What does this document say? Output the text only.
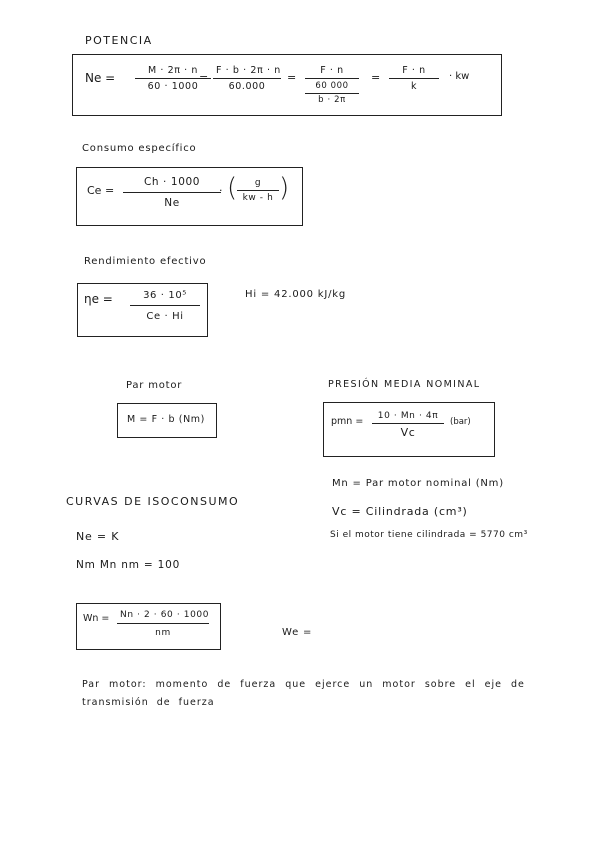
POTENCIA
$Ne = \frac{M \cdot 2\pi \cdot n}{60 \cdot 1000}$
= $\frac{F \cdot b \cdot 2\pi \cdot n}{60.000} = F \cdot n$
60 000
$b \cdot 2\pi = \frac{F \cdot n}{k}$ · kw
Consumo específico
$Ce = \frac{Ch \cdot 1000}{Ne}$
· ( $\frac{g}{kw - h}$ )
Rendimiento efectivo
$\eta e = \frac{\text{36 · 10⁵}}{Ce \cdot Hi}$	Hi = 42.000 kJ/kg
Par motor
M = F · b (Nm)
PRESIÓN MEDIA NOMINAL
pmn =	10 · Mn · 4π
Vc
(bar)
Mn = Par motor nominal (Nm)
Vc = Cilindrada (cm³)
Si el motor tiene cilindrada = 5770 cm³
CURVAS DE ISOCONSUMO
Ne = K
Nm Mn nm = 100
$Wn = \frac{Nn \cdot 2 \cdot 60 \cdot 1000}{nm}$	We =
Par motor: momento de fuerza que ejerce un motor sobre el eje de
transmisión de fuerza
